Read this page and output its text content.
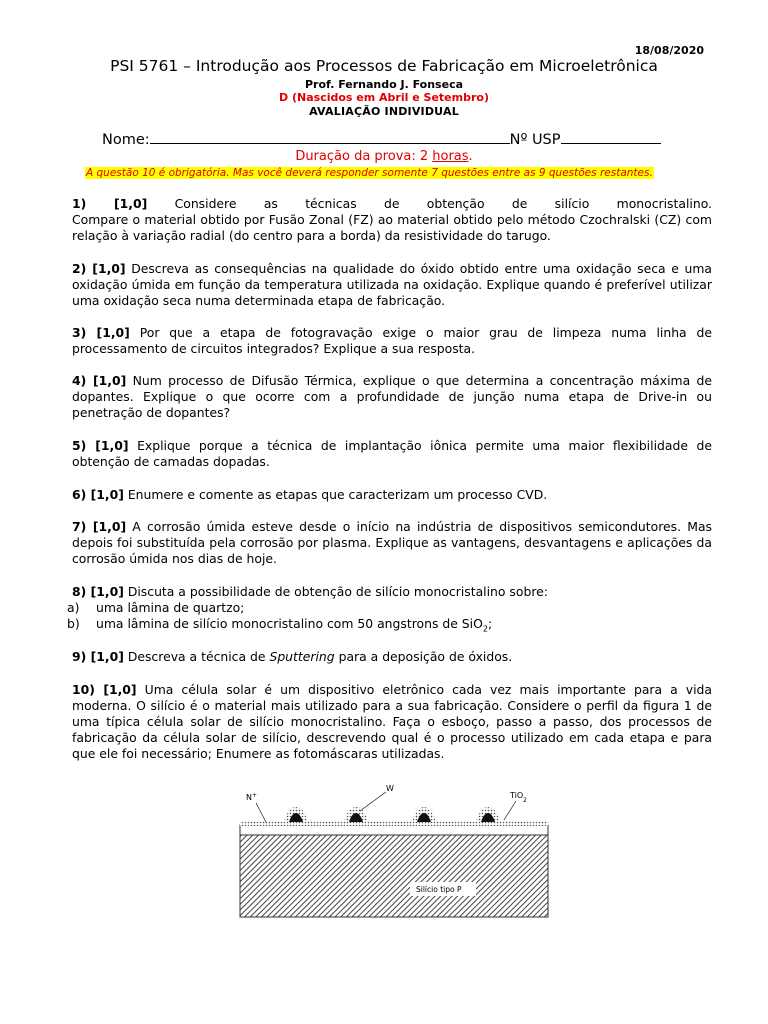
18/08/2020
PSI 5761 – Introdução aos Processos de Fabricação em Microeletrônica
Prof. Fernando J. Fonseca
D (Nascidos em Abril e Setembro)
AVALIAÇÃO INDIVIDUAL
Nome:	Nº USP
Duração da prova: 2 horas.
A questão 10 é obrigatória. Mas você deverá responder somente 7 questões entre as 9 questões restantes.
1) [1,0] Considere as técnicas de obtenção de silício monocristalino.
Compare o material obtido por Fusão Zonal (FZ) ao material obtido pelo método Czochralski (CZ) com
relação à variação radial (do centro para a borda) da resistividade do tarugo.
2) [1,0] Descreva as consequências na qualidade do óxido obtido entre uma oxidação seca e uma
oxidação úmida em função da temperatura utilizada na oxidação. Explique quando é preferível utilizar
uma oxidação seca numa determinada etapa de fabricação.
3) [1,0] Por que a etapa de fotogravação exige o maior grau de limpeza numa linha de
processamento de circuitos integrados? Explique a sua resposta.
4) [1,0] Num processo de Difusão Térmica, explique o que determina a concentração máxima de
dopantes. Explique o que ocorre com a profundidade de junção numa etapa de Drive-in ou
penetração de dopantes?
5) [1,0] Explique porque a técnica de implantação iônica permite uma maior flexibilidade de
obtenção de camadas dopadas.
6) [1,0] Enumere e comente as etapas que caracterizam um processo CVD.
7) [1,0] A corrosão úmida esteve desde o início na indústria de dispositivos semicondutores. Mas
depois foi substituída pela corrosão por plasma. Explique as vantagens, desvantagens e aplicações da
corrosão úmida nos dias de hoje.
8) [1,0] Discuta a possibilidade de obtenção de silício monocristalino sobre:
a) uma lâmina de quartzo;
b) uma lâmina de silício monocristalino com 50 angstrons de SiO$_2$;
9) [1,0] Descreva a técnica de Sputtering para a deposição de óxidos.
10) [1,0] Uma célula solar é um dispositivo eletrônico cada vez mais importante para a vida
moderna. O silício é o material mais utilizado para a sua fabricação. Considere o perfil da figura 1 de
uma típica célula solar de silício monocristalino. Faça o esboço, passo a passo, dos processos de
fabricação da célula solar de silício, descrevendo qual é o processo utilizado em cada etapa e para
que ele foi necessário; Enumere as fotomáscaras utilizadas.
N+
W
TiO$_2$
Silício tipo P
